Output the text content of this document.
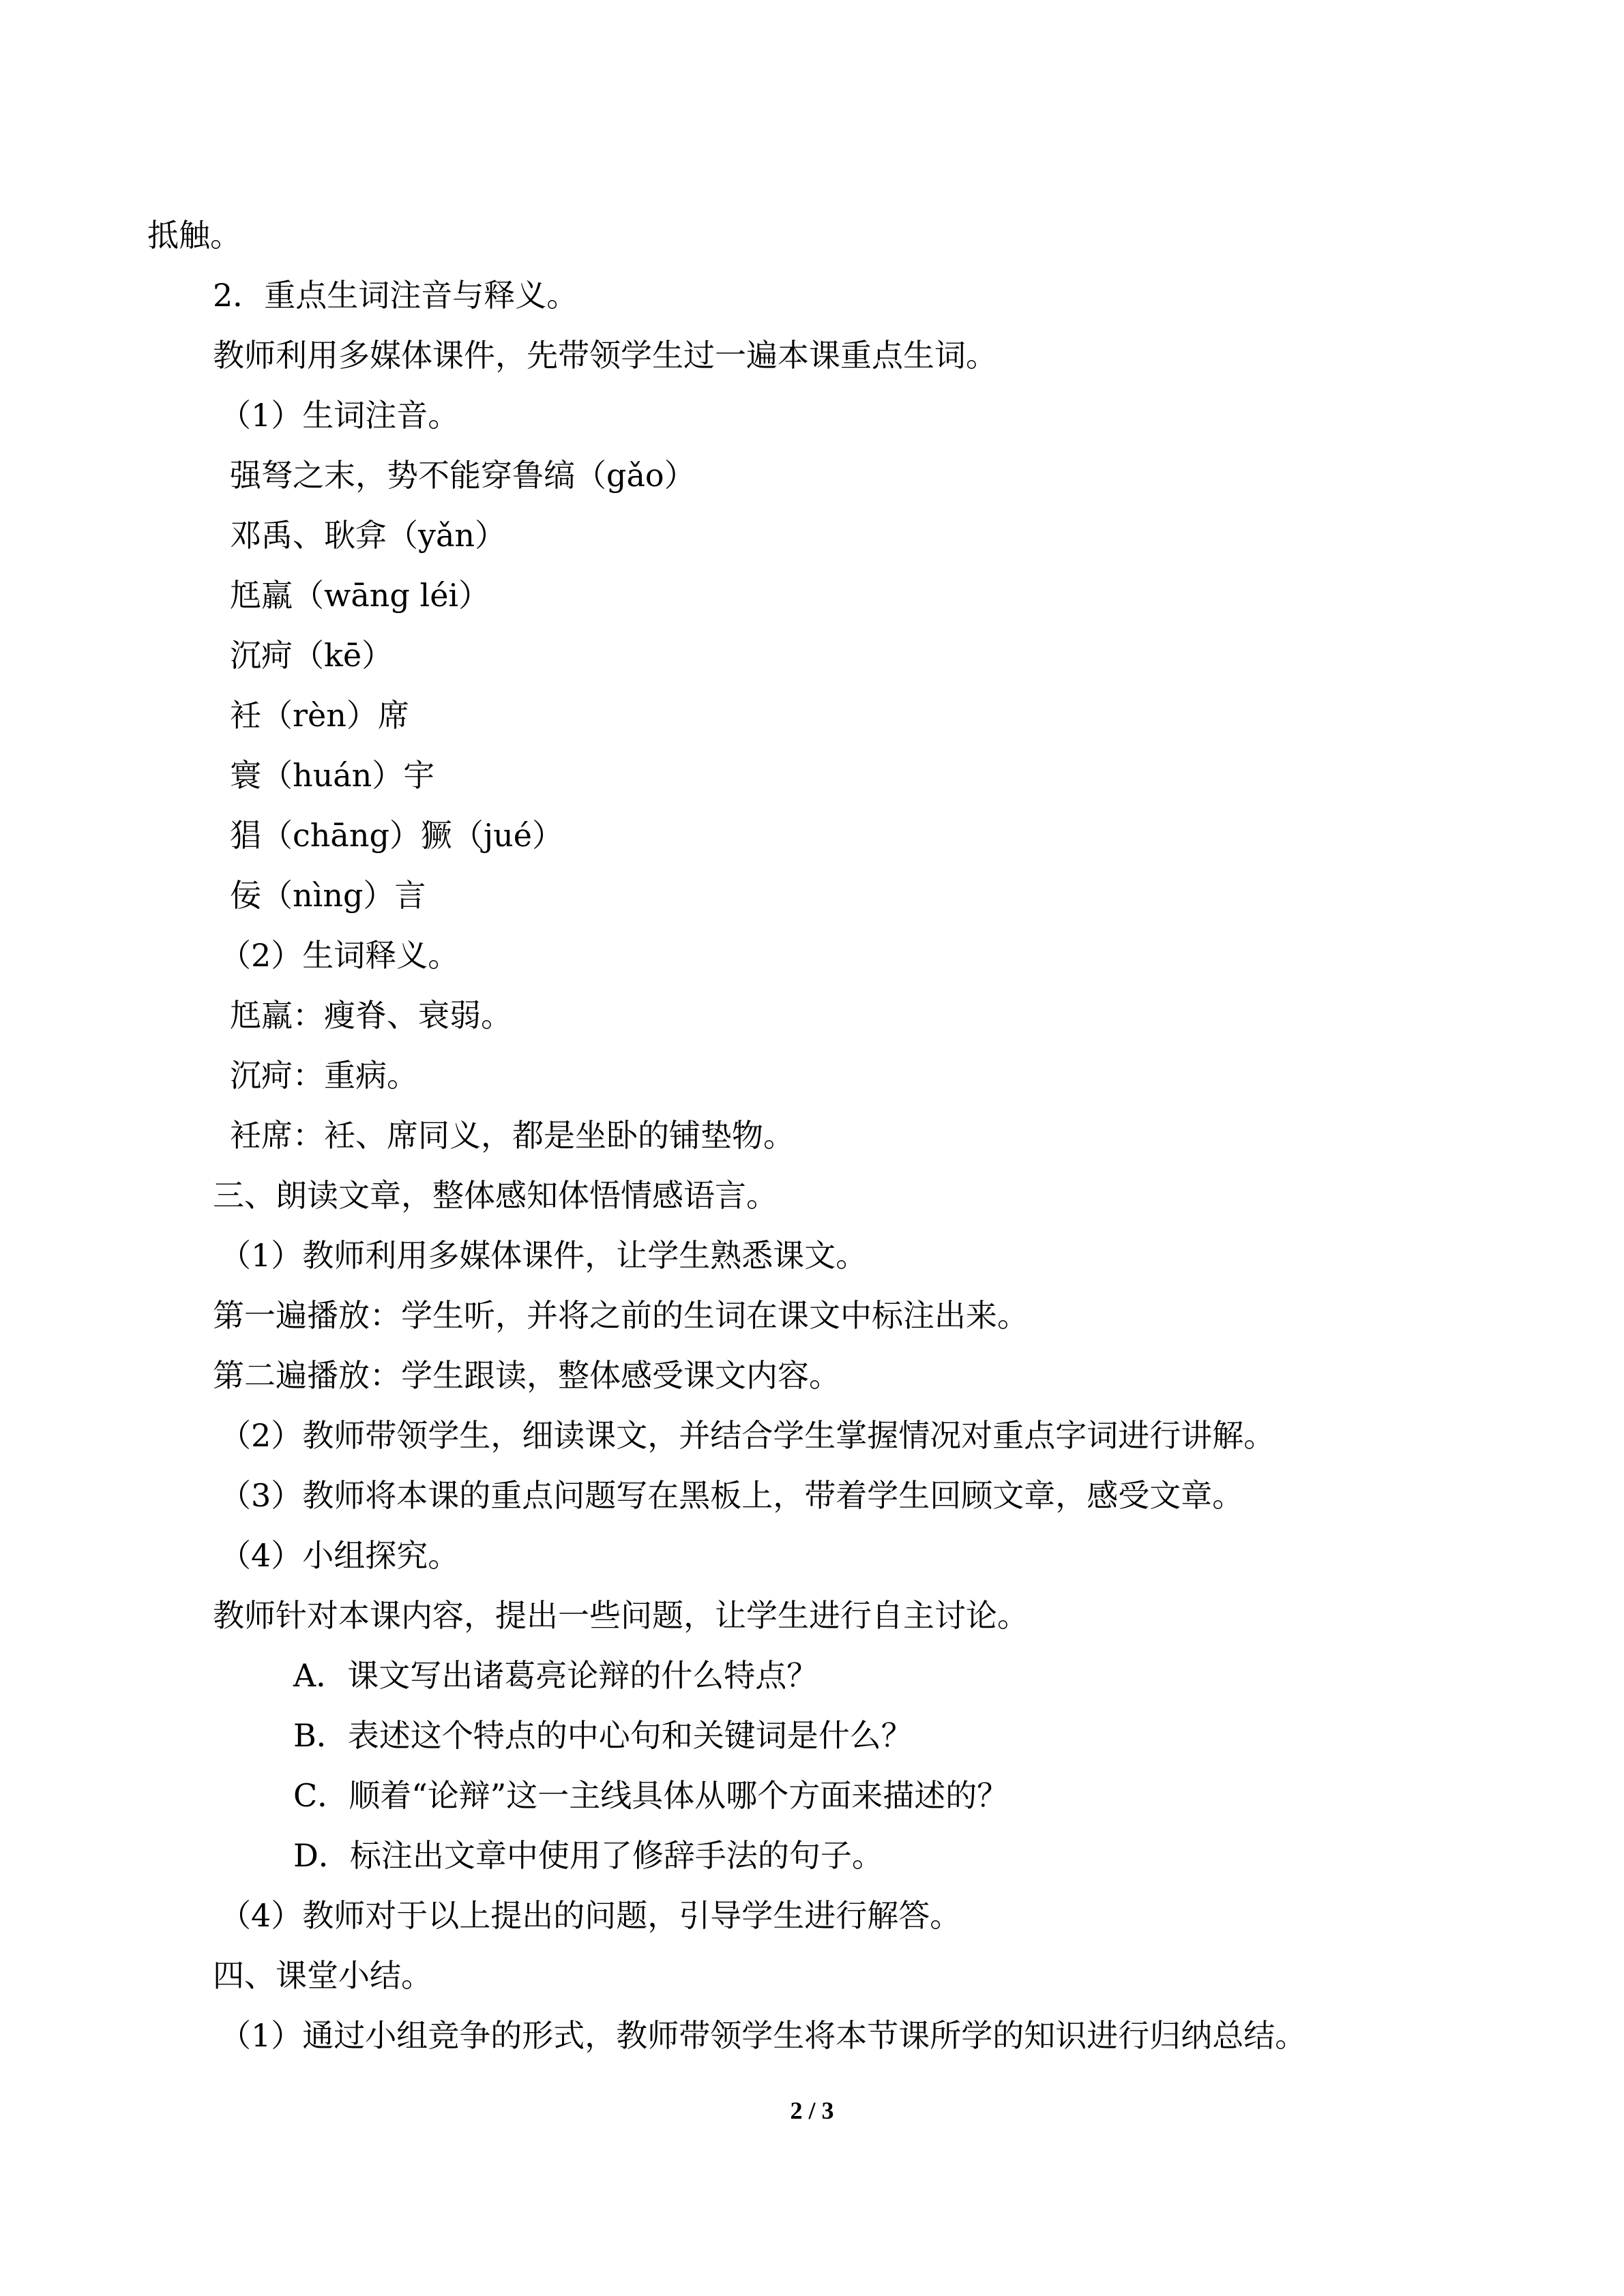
抵触。
2．重点生词注音与释义。
教师利用多媒体课件，先带领学生过一遍本课重点生词。
（1）生词注音。
强弩之末，势不能穿鲁缟（gǎo）
邓禹、耿弇（yǎn）
尪羸（wāng léi）
沉疴（kē）
衽（rèn）席
寰（huán）宇
猖（chāng）獗（jué）
佞（nìng）言
（2）生词释义。
尪羸：瘦脊、衰弱。
沉疴：重病。
衽席：衽、席同义，都是坐卧的铺垫物。
三、朗读文章，整体感知体悟情感语言。
（1）教师利用多媒体课件，让学生熟悉课文。
第一遍播放：学生听，并将之前的生词在课文中标注出来。
第二遍播放：学生跟读，整体感受课文内容。
（2）教师带领学生，细读课文，并结合学生掌握情况对重点字词进行讲解。
（3）教师将本课的重点问题写在黑板上，带着学生回顾文章，感受文章。
（4）小组探究。
教师针对本课内容，提出一些问题，让学生进行自主讨论。
A．课文写出诸葛亮论辩的什么特点？
B．表述这个特点的中心句和关键词是什么？
C．顺着“论辩”这一主线具体从哪个方面来描述的？
D．标注出文章中使用了修辞手法的句子。
（4）教师对于以上提出的问题，引导学生进行解答。
四、课堂小结。
（1）通过小组竞争的形式，教师带领学生将本节课所学的知识进行归纳总结。
2 / 3
